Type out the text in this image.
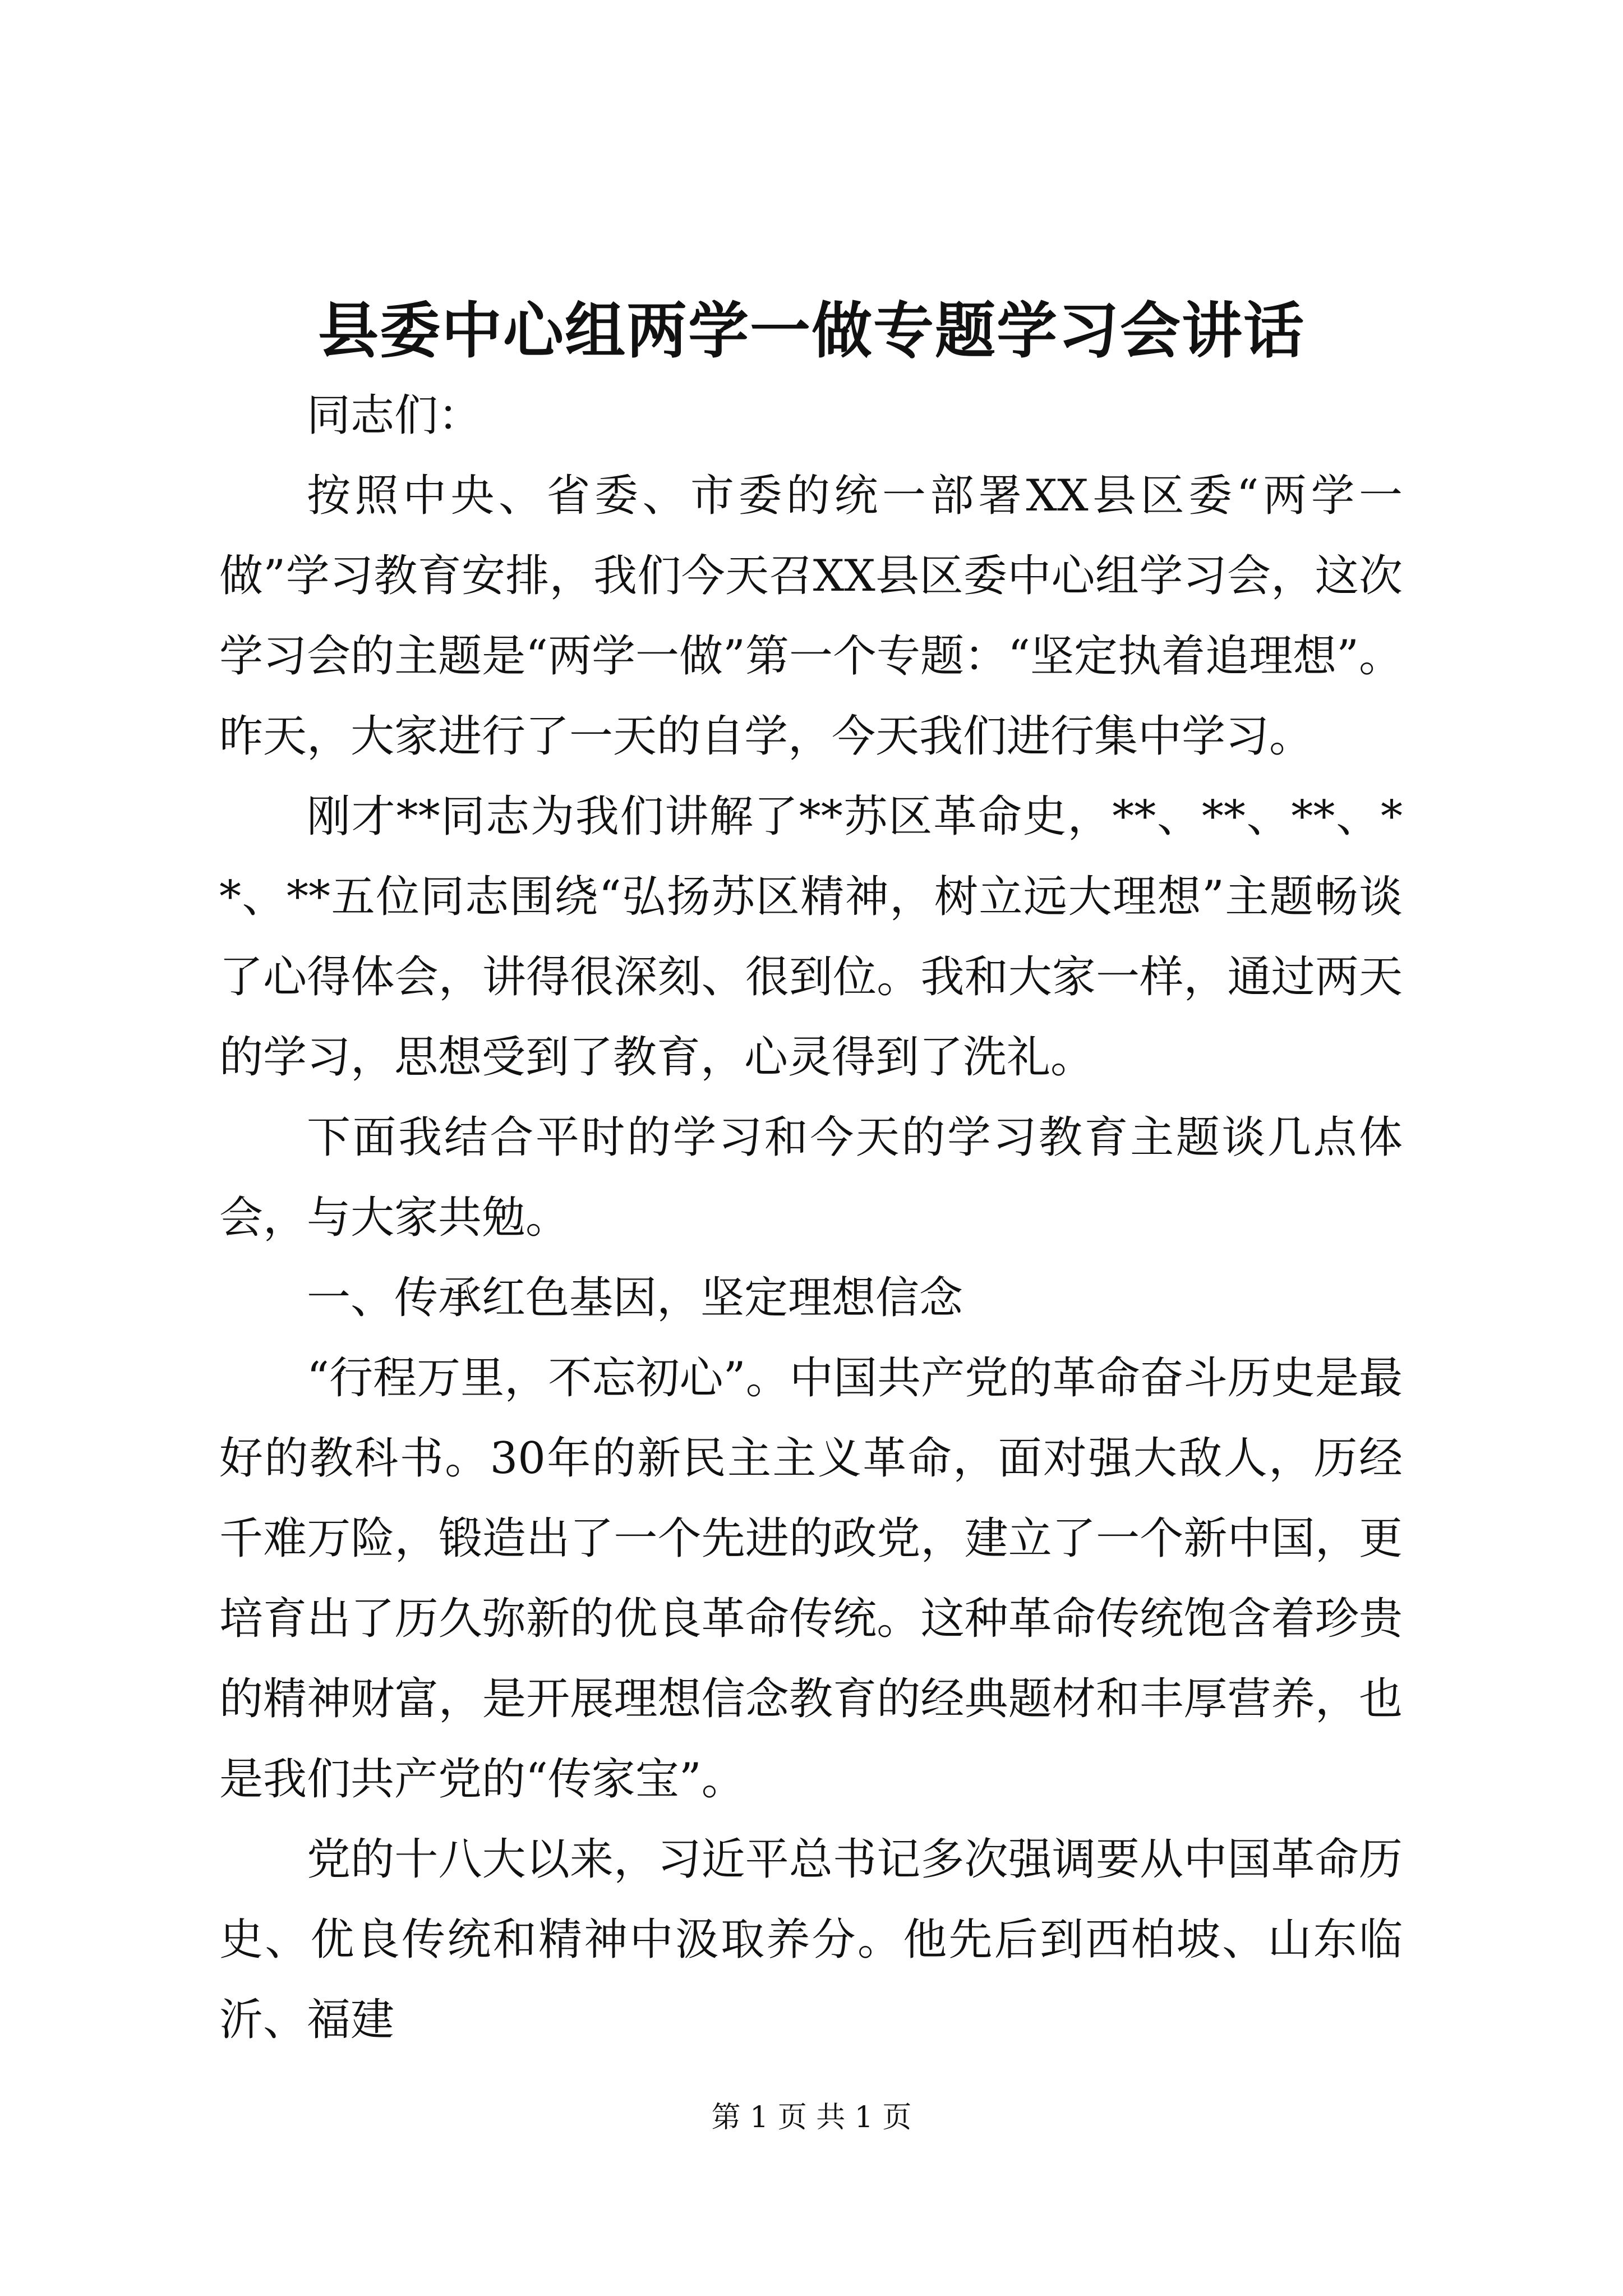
县委中心组两学一做专题学习会讲话

同志们：

按照中央、省委、市委的统一部署XX县区委“两学一做”学习教育安排，我们今天召XX县区委中心组学习会，这次学习会的主题是“两学一做”第一个专题：“坚定执着追理想”。昨天，大家进行了一天的自学，今天我们进行集中学习。

刚才**同志为我们讲解了**苏区革命史，**、**、**、**、**五位同志围绕“弘扬苏区精神，树立远大理想”主题畅谈了心得体会，讲得很深刻、很到位。我和大家一样，通过两天的学习，思想受到了教育，心灵得到了洗礼。

下面我结合平时的学习和今天的学习教育主题谈几点体会，与大家共勉。

一、传承红色基因，坚定理想信念

“行程万里，不忘初心”。中国共产党的革命奋斗历史是最好的教科书。30年的新民主主义革命，面对强大敌人，历经千难万险，锻造出了一个先进的政党，建立了一个新中国，更培育出了历久弥新的优良革命传统。这种革命传统饱含着珍贵的精神财富，是开展理想信念教育的经典题材和丰厚营养，也是我们共产党的“传家宝”。

党的十八大以来，习近平总书记多次强调要从中国革命历史、优良传统和精神中汲取养分。他先后到西柏坡、山东临沂、福建

第 1 页 共 1 页
